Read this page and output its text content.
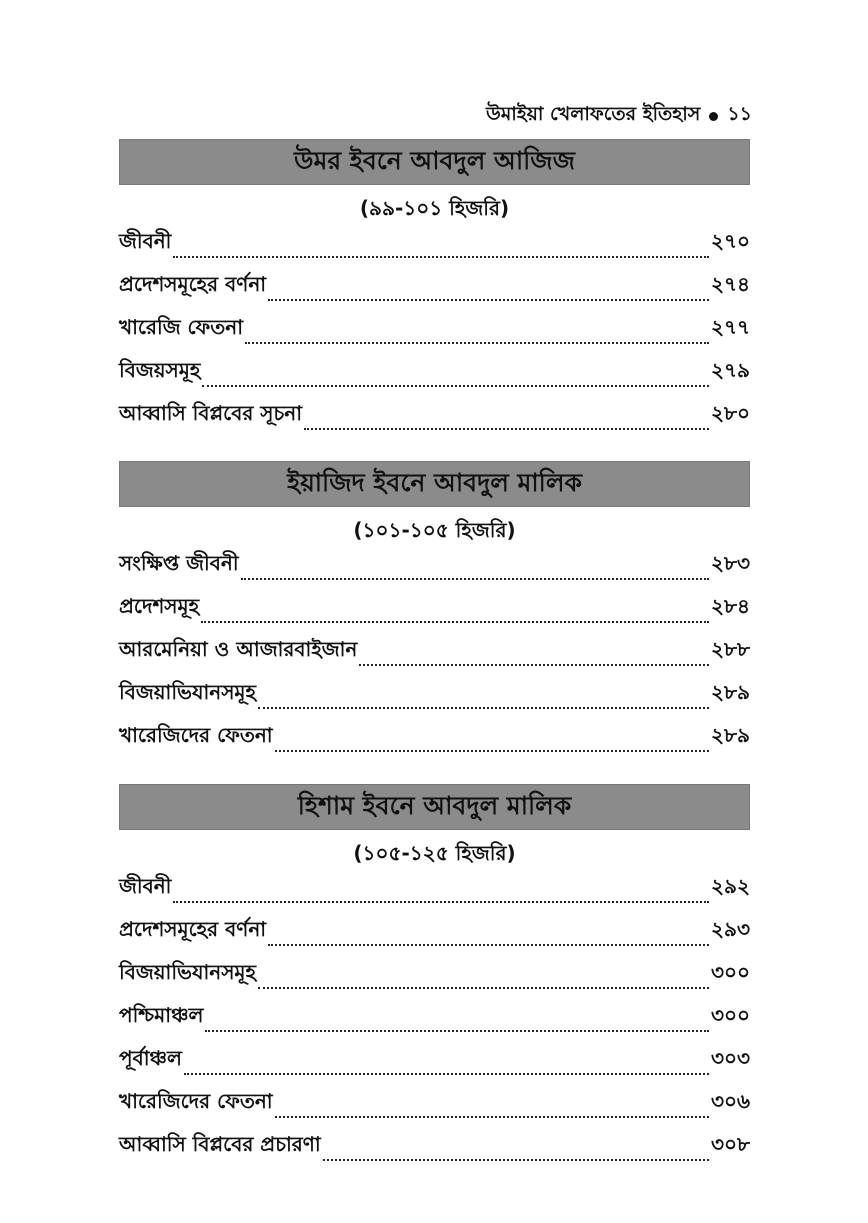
উমাইয়া খেলাফতের ইতিহাস ১১
উমর ইবনে আবদুল আজিজ
(৯৯-১০১ হিজরি)
জীবনী	২৭০
প্রদেশসমূহের বর্ণনা	২৭৪
খারেজি ফেতনা	২৭৭
বিজয়সমূহ	২৭৯
আব্বাসি বিপ্লবের সূচনা	২৮০
ইয়াজিদ ইবনে আবদুল মালিক
(১০১-১০৫ হিজরি)
সংক্ষিপ্ত জীবনী	২৮৩
প্রদেশসমূহ	২৮৪
আরমেনিয়া ও আজারবাইজান	২৮৮
বিজয়াভিযানসমূহ	২৮৯
খারেজিদের ফেতনা	২৮৯
হিশাম ইবনে আবদুল মালিক
(১০৫-১২৫ হিজরি)
জীবনী	২৯২
প্রদেশসমূহের বর্ণনা	২৯৩
বিজয়াভিযানসমূহ	৩০০
পশ্চিমাঞ্চল	৩০০
পূর্বাঞ্চল	৩০৩
খারেজিদের ফেতনা	৩০৬
আব্বাসি বিপ্লবের প্রচারণা	৩০৮
